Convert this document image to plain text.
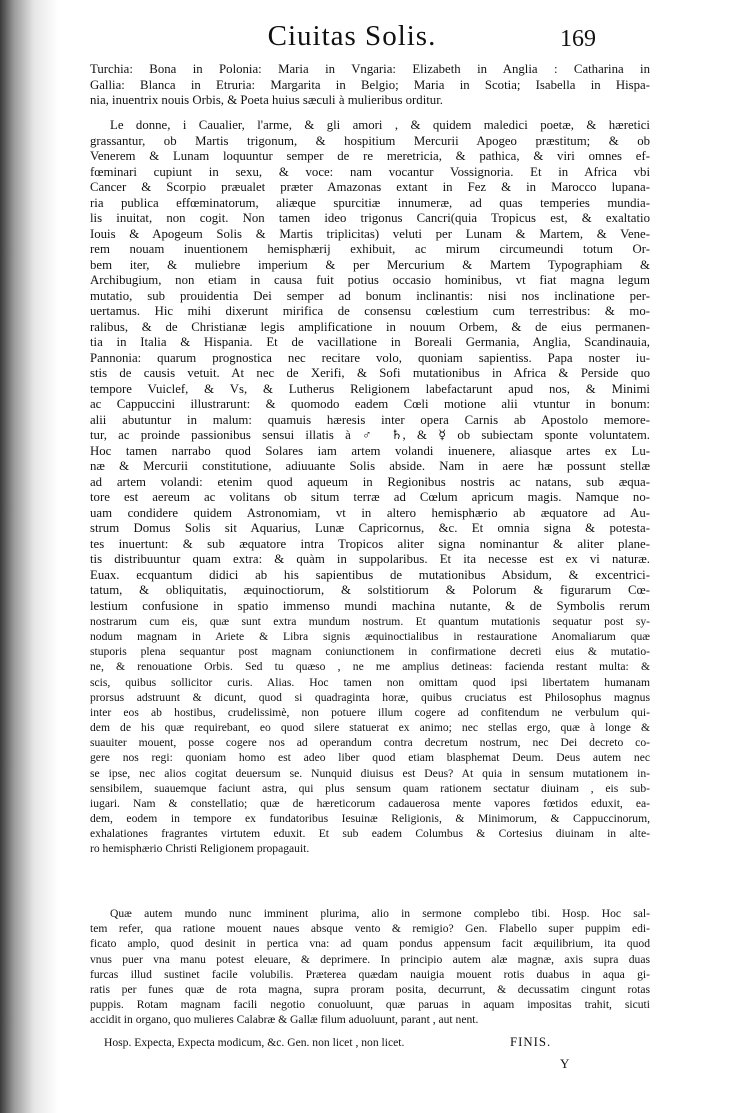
Ciuitas Solis.	169
Turchia: Bona in Polonia: Maria in Vngaria: Elizabeth in Anglia : Catharina in
Gallia: Blanca in Etruria: Margarita in Belgio; Maria in Scotia; Isabella in Hispa-
nia, inuentrix nouis Orbis, & Poeta huius sæculi à mulieribus orditur.
Le donne, i Caualier, l'arme, & gli amori , & quidem maledici poetæ, & hæretici
grassantur, ob Martis trigonum, & hospitium Mercurii Apogeo præstitum; & ob
Venerem & Lunam loquuntur semper de re meretricia, & pathica, & viri omnes ef-
fœminari cupiunt in sexu, & voce: nam vocantur Vossignoria. Et in Africa vbi
Cancer & Scorpio præualet præter Amazonas extant in Fez & in Marocco lupana-
ria publica effœminatorum, aliæque spurcitiæ innumeræ, ad quas temperies mundia-
lis inuitat, non cogit. Non tamen ideo trigonus Cancri(quia Tropicus est, & exaltatio
Iouis & Apogeum Solis & Martis triplicitas) veluti per Lunam & Martem, & Vene-
rem nouam inuentionem hemisphærij exhibuit, ac mirum circumeundi totum Or-
bem iter, & muliebre imperium & per Mercurium & Martem Typographiam &
Archibugium, non etiam in causa fuit potius occasio hominibus, vt fiat magna legum
mutatio, sub prouidentia Dei semper ad bonum inclinantis: nisi nos inclinatione per-
uertamus. Hic mihi dixerunt mirifica de consensu cœlestium cum terrestribus: & mo-
ralibus, & de Christianæ legis amplificatione in nouum Orbem, & de eius permanen-
tia in Italia & Hispania. Et de vacillatione in Boreali Germania, Anglia, Scandinauia,
Pannonia: quarum prognostica nec recitare volo, quoniam sapientiss. Papa noster iu-
stis de causis vetuit. At nec de Xerifi, & Sofi mutationibus in Africa & Perside quo
tempore Vuiclef, & Vs, & Lutherus Religionem labefactarunt apud nos, & Minimi
ac Cappuccini illustrarunt: & quomodo eadem Cœli motione alii vtuntur in bonum:
alii abutuntur in malum: quamuis hæresis inter opera Carnis ab Apostolo memore-
tur, ac proinde passionibus sensui illatis à ♂ ♄, & ☿ ob subiectam sponte voluntatem.
Hoc tamen narrabo quod Solares iam artem volandi inuenere, aliasque artes ex Lu-
næ & Mercurii constitutione, adiuuante Solis abside. Nam in aere hæ possunt stellæ
ad artem volandi: etenim quod aqueum in Regionibus nostris ac natans, sub æqua-
tore est aereum ac volitans ob situm terræ ad Cœlum apricum magis. Namque no-
uam condidere quidem Astronomiam, vt in altero hemisphærio ab æquatore ad Au-
strum Domus Solis sit Aquarius, Lunæ Capricornus, &c. Et omnia signa & potesta-
tes inuertunt: & sub æquatore intra Tropicos aliter signa nominantur & aliter plane-
tis distribuuntur quam extra: & quàm in suppolaribus. Et ita necesse est ex vi naturæ.
Euax. ecquantum didici ab his sapientibus de mutationibus Absidum, & excentrici-
tatum, & obliquitatis, æquinoctiorum, & solstitiorum & Polorum & figurarum Cœ-
lestium confusione in spatio immenso mundi machina nutante, & de Symbolis rerum
nostrarum cum eis, quæ sunt extra mundum nostrum. Et quantum mutationis sequatur post sy-
nodum magnam in Ariete & Libra signis æquinoctialibus in restauratione Anomaliarum quæ
stuporis plena sequantur post magnam coniunctionem in confirmatione decreti eius & mutatio-
ne, & renouatione Orbis. Sed tu quæso , ne me amplius detineas: facienda restant multa: &
scis, quibus sollicitor curis. Alias. Hoc tamen non omittam quod ipsi libertatem humanam
prorsus adstruunt & dicunt, quod si quadraginta horæ, quibus cruciatus est Philosophus magnus
inter eos ab hostibus, crudelissimè, non potuere illum cogere ad confitendum ne verbulum qui-
dem de his quæ requirebant, eo quod silere statuerat ex animo; nec stellas ergo, quæ à longe &
suauiter mouent, posse cogere nos ad operandum contra decretum nostrum, nec Dei decreto co-
gere nos regi: quoniam homo est adeo liber quod etiam blasphemat Deum. Deus autem nec
se ipse, nec alios cogitat deuersum se. Nunquid diuisus est Deus? At quia in sensum mutationem in-
sensibilem, suauemque faciunt astra, qui plus sensum quam rationem sectatur diuinam , eis sub-
iugari. Nam & constellatio; quæ de hæreticorum cadauerosa mente vapores fœtidos eduxit, ea-
dem, eodem in tempore ex fundatoribus Iesuinæ Religionis, & Minimorum, & Cappuccinorum,
exhalationes fragrantes virtutem eduxit. Et sub eadem Columbus & Cortesius diuinam in alte-
ro hemisphærio Christi Religionem propagauit.
Quæ autem mundo nunc imminent plurima, alio in sermone complebo tibi. Hosp. Hoc sal-
tem refer, qua ratione mouent naues absque vento & remigio? Gen. Flabello super puppim edi-
ficato amplo, quod desinit in pertica vna: ad quam pondus appensum facit æquilibrium, ita quod
vnus puer vna manu potest eleuare, & deprimere. In principio autem alæ magnæ, axis supra duas
furcas illud sustinet facile volubilis. Præterea quædam nauigia mouent rotis duabus in aqua gi-
ratis per funes quæ de rota magna, supra proram posita, decurrunt, & decussatim cingunt rotas
puppis. Rotam magnam facili negotio conuoluunt, quæ paruas in aquam impositas trahit, sicuti
accidit in organo, quo mulieres Calabræ & Gallæ filum aduoluunt, parant , aut nent.
Hosp. Expecta, Expecta modicum, &c. Gen. non licet , non licet.	FINIS.
Y
